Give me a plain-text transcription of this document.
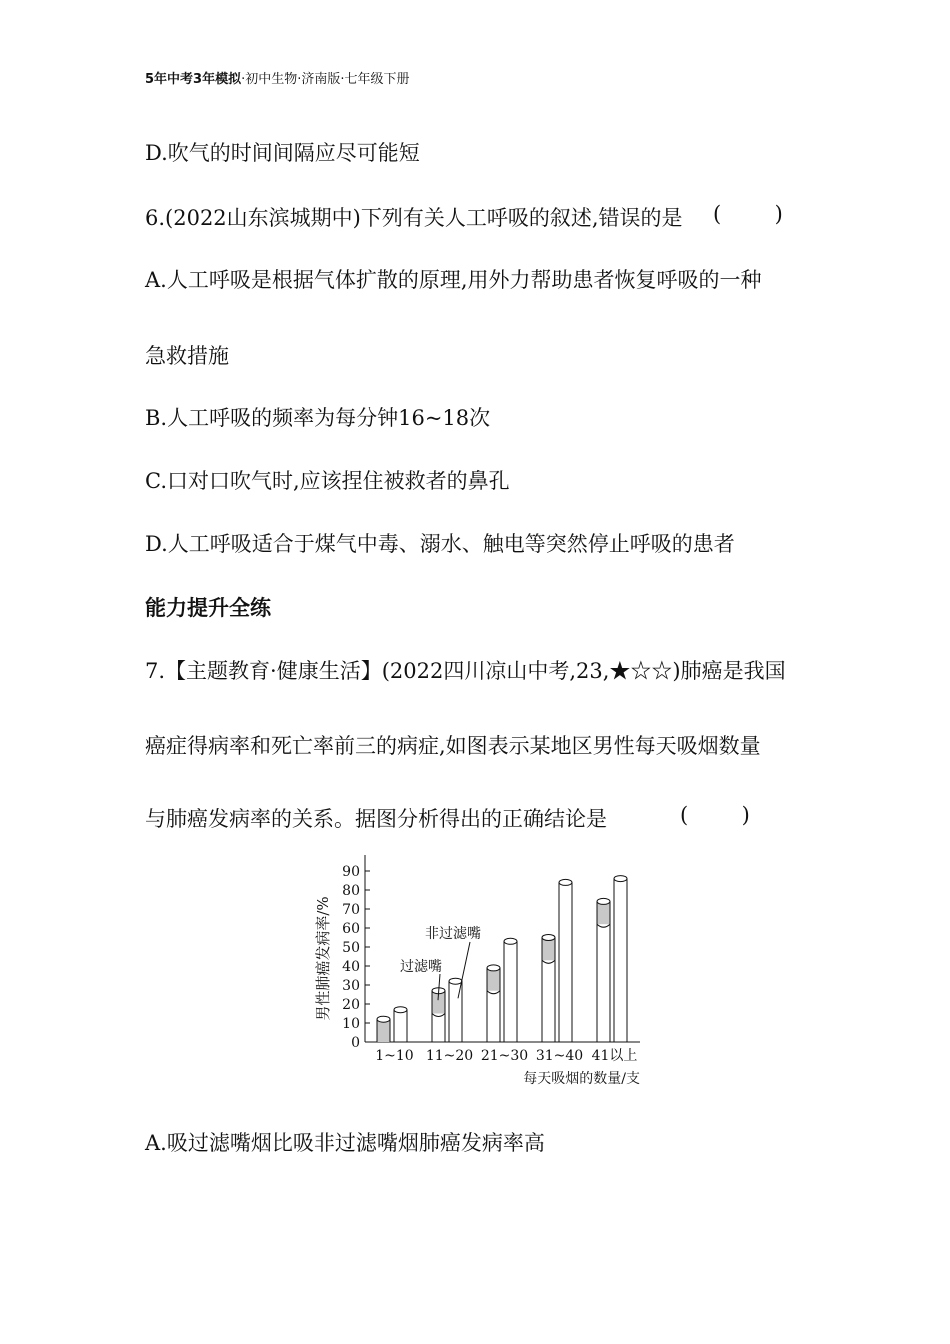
5年中考3年模拟·初中生物·济南版·七年级下册
D.吹气的时间间隔应尽可能短
6.(2022山东滨城期中)下列有关人工呼吸的叙述,错误的是 (        )
A.人工呼吸是根据气体扩散的原理,用外力帮助患者恢复呼吸的一种
急救措施
B.人工呼吸的频率为每分钟16~18次
C.口对口吹气时,应该捏住被救者的鼻孔
D.人工呼吸适合于煤气中毒、溺水、触电等突然停止呼吸的患者
能力提升全练
7.【主题教育·健康生活】(2022四川凉山中考,23,★☆☆)肺癌是我国
癌症得病率和死亡率前三的病症,如图表示某地区男性每天吸烟数量
与肺癌发病率的关系。据图分析得出的正确结论是	(        )
0
10
20
30
40
50
60
70
80
90
男性肺癌发病率/%
1~10 11~20 21~30 31~40 41以上
每天吸烟的数量/支
过滤嘴
非过滤嘴
A.吸过滤嘴烟比吸非过滤嘴烟肺癌发病率高
